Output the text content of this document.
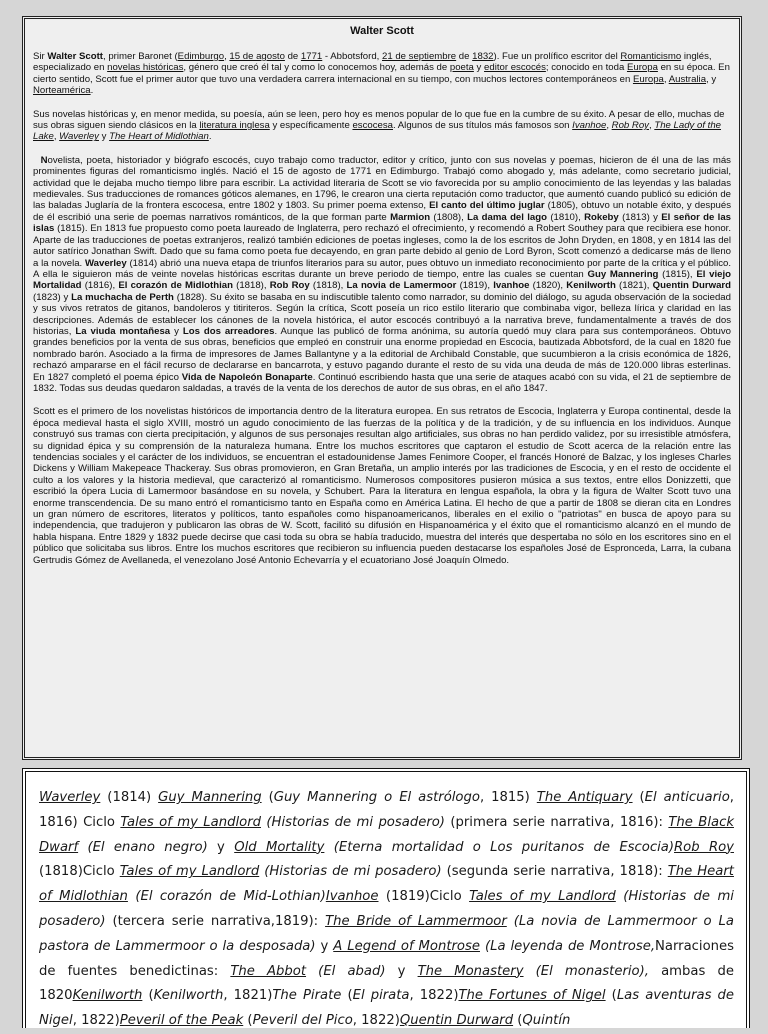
Walter Scott

Sir Walter Scott, primer Baronet (Edimburgo, 15 de agosto de 1771 - Abbotsford, 21 de septiembre de 1832). Fue un prolífico escritor del Romanticismo inglés, especializado en novelas históricas, género que creó él tal y como lo conocemos hoy, además de poeta y editor escocés; conocido en toda Europa en su época. En cierto sentido, Scott fue el primer autor que tuvo una verdadera carrera internacional en su tiempo, con muchos lectores contemporáneos en Europa, Australia, y Norteamérica.

Sus novelas históricas y, en menor medida, su poesía, aún se leen, pero hoy es menos popular de lo que fue en la cumbre de su éxito. A pesar de ello, muchas de sus obras siguen siendo clásicos en la literatura inglesa y específicamente escocesa. Algunos de sus títulos más famosos son Ivanhoe, Rob Roy, The Lady of the Lake, Waverley y The Heart of Midlothian.

Novelista, poeta, historiador y biógrafo escocés, cuyo trabajo como traductor, editor y crítico, junto con sus novelas y poemas, hicieron de él una de las más prominentes figuras del romanticismo inglés. Nació el 15 de agosto de 1771 en Edimburgo. Trabajó como abogado y, más adelante, como secretario judicial, actividad que le dejaba mucho tiempo libre para escribir. La actividad literaria de Scott se vio favorecida por su amplio conocimiento de las leyendas y las baladas medievales. Sus traducciones de romances góticos alemanes, en 1796, le crearon una cierta reputación como traductor, que aumentó cuando publicó su edición de las baladas Juglaría de la frontera escocesa, entre 1802 y 1803. Su primer poema extenso, El canto del último juglar (1805), obtuvo un notable éxito, y después de él escribió una serie de poemas narrativos románticos, de la que forman parte Marmion (1808), La dama del lago (1810), Rokeby (1813) y El señor de las islas (1815). En 1813 fue propuesto como poeta laureado de Inglaterra, pero rechazó el ofrecimiento, y recomendó a Robert Southey para que recibiera ese honor. Aparte de las traducciones de poetas extranjeros, realizó también ediciones de poetas ingleses, como la de los escritos de John Dryden, en 1808, y en 1814 las del autor satírico Jonathan Swift. Dado que su fama como poeta fue decayendo, en gran parte debido al genio de Lord Byron, Scott comenzó a dedicarse más de lleno a la novela. Waverley (1814) abrió una nueva etapa de triunfos literarios para su autor, pues obtuvo un inmediato reconocimiento por parte de la crítica y el público. A ella le siguieron más de veinte novelas históricas escritas durante un breve periodo de tiempo, entre las cuales se cuentan Guy Mannering (1815), El viejo Mortalidad (1816), El corazón de Midlothian (1818), Rob Roy (1818), La novia de Lamermoor (1819), Ivanhoe (1820), Kenilworth (1821), Quentin Durward (1823) y La muchacha de Perth (1828). Su éxito se basaba en su indiscutible talento como narrador, su dominio del diálogo, su aguda observación de la sociedad y sus vivos retratos de gitanos, bandoleros y titiriteros. Según la crítica, Scott poseía un rico estilo literario que combinaba vigor, belleza lírica y claridad en las descripciones. Además de establecer los cánones de la novela histórica, el autor escocés contribuyó a la narrativa breve, fundamentalmente a través de dos historias, La viuda montañesa y Los dos arreadores. Aunque las publicó de forma anónima, su autoría quedó muy clara para sus contemporáneos. Obtuvo grandes beneficios por la venta de sus obras, beneficios que empleó en construir una enorme propiedad en Escocia, bautizada Abbotsford, de la cual en 1820 fue nombrado barón. Asociado a la firma de impresores de James Ballantyne y a la editorial de Archibald Constable, que sucumbieron a la crisis económica de 1826, rechazó ampararse en el fácil recurso de declararse en bancarrota, y estuvo pagando durante el resto de su vida una deuda de más de 120.000 libras esterlinas. En 1827 completó el poema épico Vida de Napoleón Bonaparte. Continuó escribiendo hasta que una serie de ataques acabó con su vida, el 21 de septiembre de 1832. Todas sus deudas quedaron saldadas, a través de la venta de los derechos de autor de sus obras, en el año 1847.

Scott es el primero de los novelistas históricos de importancia dentro de la literatura europea. En sus retratos de Escocia, Inglaterra y Europa continental, desde la época medieval hasta el siglo XVIII, mostró un agudo conocimiento de las fuerzas de la política y de la tradición, y de su influencia en los individuos. Aunque construyó sus tramas con cierta precipitación, y algunos de sus personajes resultan algo artificiales, sus obras no han perdido validez, por su irresistible atmósfera, su dignidad épica y su comprensión de la naturaleza humana. Entre los muchos escritores que captaron el estudio de Scott acerca de la relación entre las tendencias sociales y el carácter de los individuos, se encuentran el estadounidense James Fenimore Cooper, el francés Honoré de Balzac, y los ingleses Charles Dickens y William Makepeace Thackeray. Sus obras promovieron, en Gran Bretaña, un amplio interés por las tradiciones de Escocia, y en el resto de occidente el culto a los valores y la historia medieval, que caracterizó al romanticismo. Numerosos compositores pusieron música a sus textos, entre ellos Donizzetti, que escribió la ópera Lucia di Lamermoor basándose en su novela, y Schubert. Para la literatura en lengua española, la obra y la figura de Walter Scott tuvo una enorme transcendencia. De su mano entró el romanticismo tanto en España como en América Latina. El hecho de que a partir de 1808 se dieran cita en Londres un gran número de escritores, literatos y políticos, tanto españoles como hispanoamericanos, liberales en el exilio o "patriotas" en busca de apoyo para su independencia, que tradujeron y publicaron las obras de W. Scott, facilitó su difusión en Hispanoamérica y el éxito que el romanticismo alcanzó en el mundo de habla hispana. Entre 1829 y 1832 puede decirse que casi toda su obra se había traducido, muestra del interés que despertaba no sólo en los escritores sino en el público que solicitaba sus libros. Entre los muchos escritores que recibieron su influencia pueden destacarse los españoles José de Espronceda, Larra, la cubana Gertrudis Gómez de Avellaneda, el venezolano José Antonio Echevarría y el ecuatoriano José Joaquín Olmedo.

Waverley (1814) Guy Mannering (Guy Mannering o El astrólogo, 1815) The Antiquary (El anticuario, 1816) Ciclo Tales of my Landlord (Historias de mi posadero) (primera serie narrativa, 1816): The Black Dwarf (El enano negro) y Old Mortality (Eterna mortalidad o Los puritanos de Escocia)Rob Roy (1818)Ciclo Tales of my Landlord (Historias de mi posadero) (segunda serie narrativa, 1818): The Heart of Midlothian (El corazón de Mid-Lothian)Ivanhoe (1819)Ciclo Tales of my Landlord (Historias de mi posadero) (tercera serie narrativa,1819): The Bride of Lammermoor (La novia de Lammermoor o La pastora de Lammermoor o la desposada) y A Legend of Montrose (La leyenda de Montrose,Narraciones de fuentes benedictinas: The Abbot (El abad) y The Monastery (El monasterio), ambas de 1820Kenilworth (Kenilworth, 1821)The Pirate (El pirata, 1822)The Fortunes of Nigel (Las aventuras de Nigel, 1822)Peveril of the Peak (Peveril del Pico, 1822)Quentin Durward (Quintín
